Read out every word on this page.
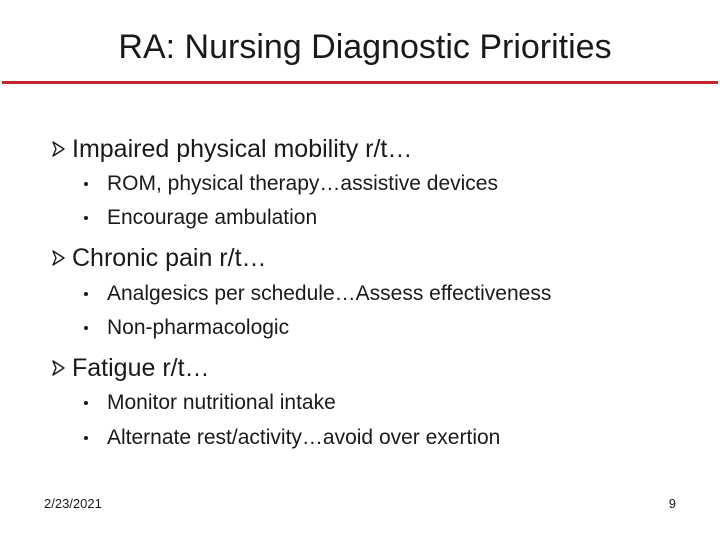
RA: Nursing Diagnostic Priorities
Impaired physical mobility r/t…
ROM, physical therapy…assistive devices
Encourage ambulation
Chronic pain r/t…
Analgesics per schedule…Assess effectiveness
Non-pharmacologic
Fatigue r/t…
Monitor nutritional intake
Alternate rest/activity…avoid over exertion
2/23/2021	9
